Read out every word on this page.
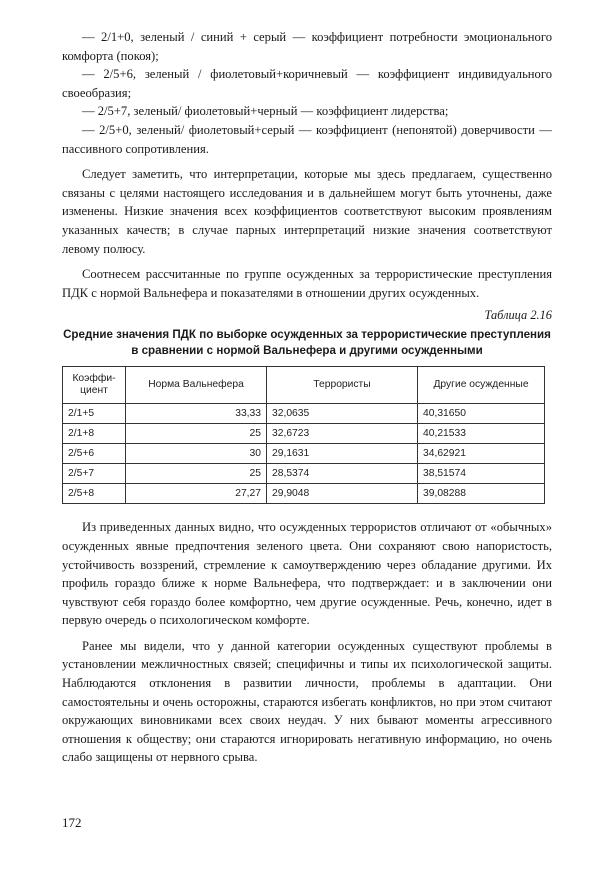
— 2/1+0, зеленый / синий + серый — коэффициент потребности эмоционального комфорта (покоя);

— 2/5+6, зеленый / фиолетовый+коричневый — коэффициент индивидуального своеобразия;

— 2/5+7, зеленый/ фиолетовый+черный — коэффициент лидерства;

— 2/5+0, зеленый/ фиолетовый+серый — коэффициент (непонятой) доверчивости — пассивного сопротивления.

Следует заметить, что интерпретации, которые мы здесь предлагаем, существенно связаны с целями настоящего исследования и в дальнейшем могут быть уточнены, даже изменены. Низкие значения всех коэффициентов соответствуют высоким проявлениям указанных качеств; в случае парных интерпретаций низкие значения соответствуют левому полюсу.

Соотнесем рассчитанные по группе осужденных за террористические преступления ПДК с нормой Вальнефера и показателями в отношении других осужденных.

Таблица 2.16
Средние значения ПДК по выборке осужденных за террористические преступления в сравнении с нормой Вальнефера и другими осужденными
Коэффи-циент	Норма Вальнефера	Террористы	Другие осужденные
2/1+5	33,33	32,0635	40,31650
2/1+8	25	32,6723	40,21533
2/5+6	30	29,1631	34,62921
2/5+7	25	28,5374	38,51574
2/5+8	27,27	29,9048	39,08288

Из приведенных данных видно, что осужденных террористов отличают от «обычных» осужденных явные предпочтения зеленого цвета. Они сохраняют свою напористость, устойчивость воззрений, стремление к самоутверждению через обладание другими. Их профиль гораздо ближе к норме Вальнефера, что подтверждает: и в заключении они чувствуют себя гораздо более комфортно, чем другие осужденные. Речь, конечно, идет в первую очередь о психологическом комфорте.

Ранее мы видели, что у данной категории осужденных существуют проблемы в установлении межличностных связей; специфичны и типы их психологической защиты. Наблюдаются отклонения в развитии личности, проблемы в адаптации. Они самостоятельны и очень осторожны, стараются избегать конфликтов, но при этом считают окружающих виновниками всех своих неудач. У них бывают моменты агрессивного отношения к обществу; они стараются игнорировать негативную информацию, но очень слабо защищены от нервного срыва.

172
